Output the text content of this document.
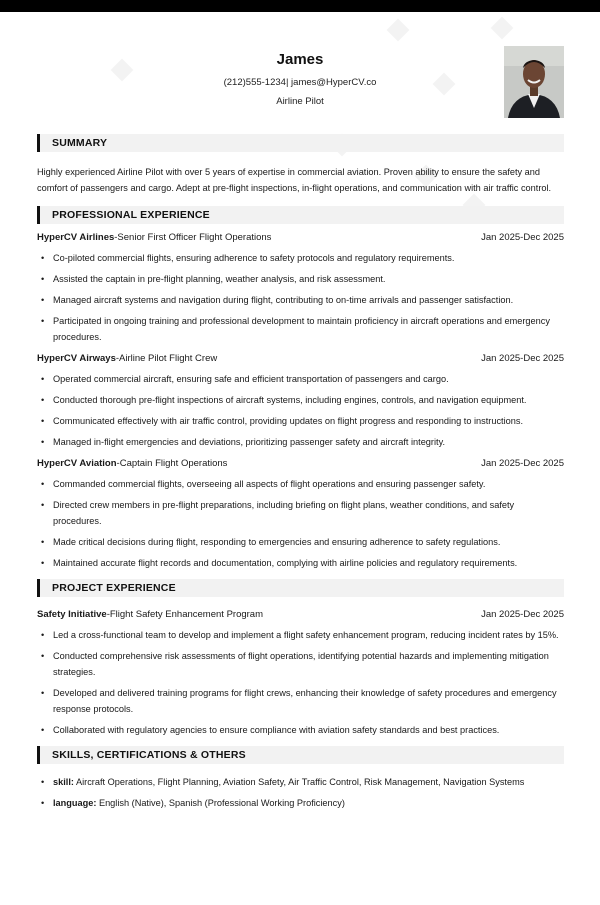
James
(212)555-1234| james@HyperCV.co
Airline Pilot
SUMMARY
Highly experienced Airline Pilot with over 5 years of expertise in commercial aviation. Proven ability to ensure the safety and comfort of passengers and cargo. Adept at pre-flight inspections, in-flight operations, and communication with air traffic control.
PROFESSIONAL EXPERIENCE
HyperCV Airlines-Senior First Officer Flight Operations	Jan 2025-Dec 2025
• Co-piloted commercial flights, ensuring adherence to safety protocols and regulatory requirements.
• Assisted the captain in pre-flight planning, weather analysis, and risk assessment.
• Managed aircraft systems and navigation during flight, contributing to on-time arrivals and passenger satisfaction.
• Participated in ongoing training and professional development to maintain proficiency in aircraft operations and emergency procedures.
HyperCV Airways-Airline Pilot Flight Crew	Jan 2025-Dec 2025
• Operated commercial aircraft, ensuring safe and efficient transportation of passengers and cargo.
• Conducted thorough pre-flight inspections of aircraft systems, including engines, controls, and navigation equipment.
• Communicated effectively with air traffic control, providing updates on flight progress and responding to instructions.
• Managed in-flight emergencies and deviations, prioritizing passenger safety and aircraft integrity.
HyperCV Aviation-Captain Flight Operations	Jan 2025-Dec 2025
• Commanded commercial flights, overseeing all aspects of flight operations and ensuring passenger safety.
• Directed crew members in pre-flight preparations, including briefing on flight plans, weather conditions, and safety procedures.
• Made critical decisions during flight, responding to emergencies and ensuring adherence to safety regulations.
• Maintained accurate flight records and documentation, complying with airline policies and regulatory requirements.
PROJECT EXPERIENCE
Safety Initiative-Flight Safety Enhancement Program	Jan 2025-Dec 2025
• Led a cross-functional team to develop and implement a flight safety enhancement program, reducing incident rates by 15%.
• Conducted comprehensive risk assessments of flight operations, identifying potential hazards and implementing mitigation strategies.
• Developed and delivered training programs for flight crews, enhancing their knowledge of safety procedures and emergency response protocols.
• Collaborated with regulatory agencies to ensure compliance with aviation safety standards and best practices.
SKILLS, CERTIFICATIONS & OTHERS
• skill: Aircraft Operations, Flight Planning, Aviation Safety, Air Traffic Control, Risk Management, Navigation Systems
• language: English (Native), Spanish (Professional Working Proficiency)
